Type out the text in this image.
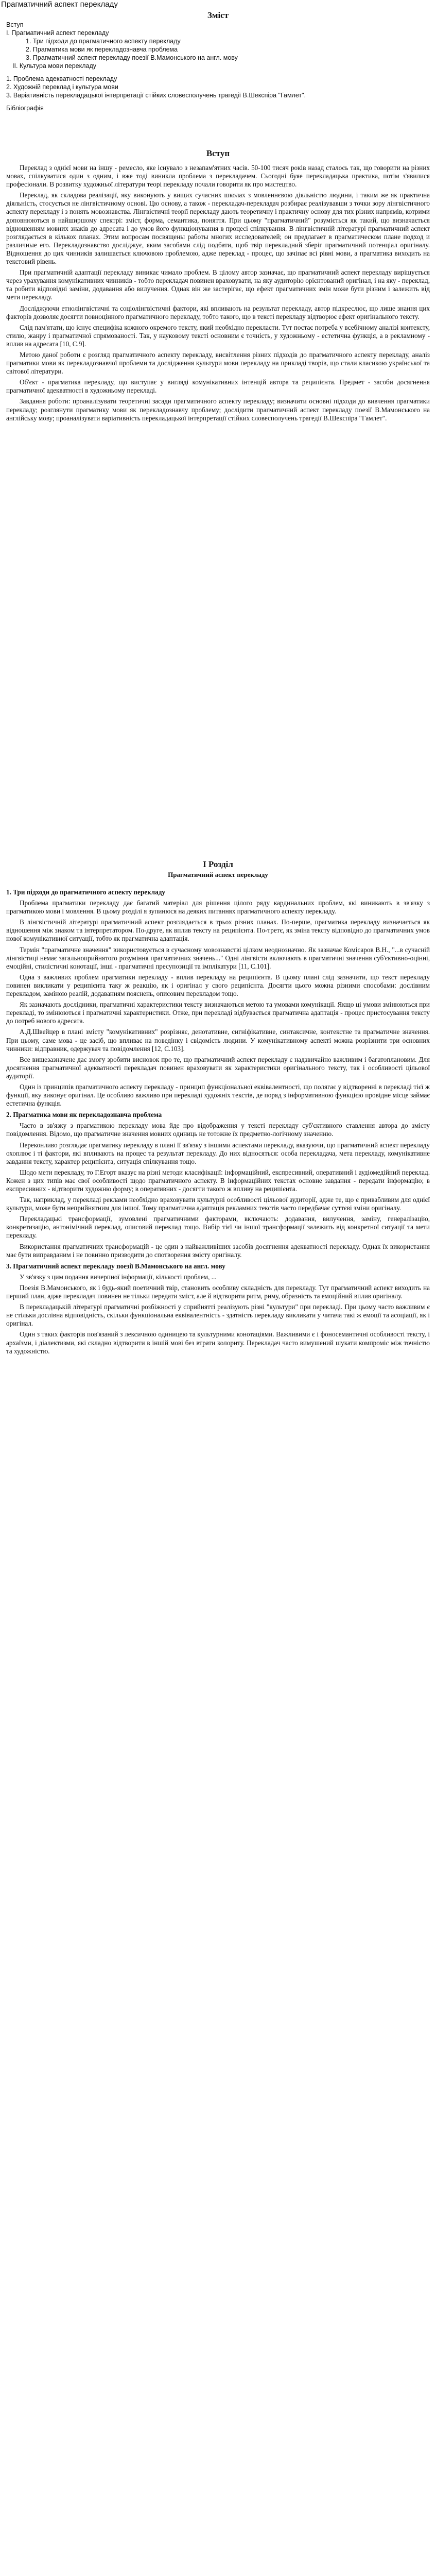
Прагматичний аспект перекладу
Зміст
Вступ
I. Прагматичний аспект перекладу
1. Три підходи до прагматичного аспекту перекладу
2. Прагматика мови як перекладознавча проблема
3. Прагматичний аспект перекладу поезії В.Мамонського на англ. мову
II. Культура мови перекладу
1. Проблема адекватності перекладу
2. Художній переклад і культура мови
3. Варіативність перекладацької інтерпретації стійких словесполучень трагедії В.Шекспіра "Гамлет".
Бібліографія
Вступ

Переклад з однієї мови на іншу - ремесло, яке існувало з незапам'ятних часів. 50-100 тисяч років назад сталось так, що говорити на різних мовах, спілкуватися один з одним, і вже тоді виникла проблема з перекладачем. Сьогодні буяе перекладацька практика, потім з'явилися професіонали. В розвитку художньої літератури теорі перекладу почали говорити як про мистецтво.

Переклад, як складова реалізації, яку виконують у вищих сучасних школах з мовленнєвою діяльністю людини, і таким же як практична діяльність, стосується не лінгвістичному основі. Цю основу, а також - перекладач-перекладач розбирає реалізувавши з точки зору лінгвістичного аспекту перекладу і з понять мовознавства. Лінгвістичні теорії перекладу дають теоретичну і практичну основу для тих різних напрямів, котрими доповнюються в найширшому спектрі: зміст, форма, семантика, поняття. При цьому "прагматичний" розуміється як такий, що визначається відношенням мовних знаків до адресата і до умов його функціонування в процесі спілкування. В лінгвістичній літературі прагматичний аспект розглядається в кількох планах. Этим вопросам посвящены работы многих исследователей; он предлагает в прагматическом плане подход и различные его. Перекладознавство досліджує, яким засобами слід подбати, щоб твір перекладний зберіг прагматичний потенціал оригіналу. Відношення до цих чинників залишається ключовою проблемою, адже переклад - процес, що зачіпає всі рівні мови, а прагматика виходить на текстовий рівень.

При прагматичній адаптації перекладу виникає чимало проблем. В цілому автор зазначає, що прагматичний аспект перекладу вирішується через урахування комунікативних чинників - тобто перекладач повинен враховувати, на яку аудиторію орієнтований оригінал, і на яку - переклад, та робити відповідні заміни, додавання або вилучення. Однак він же застерігає, що ефект прагматичних змін може бути різним і залежить від мети перекладу.

Досліджуючи етнолінгвістичні та соціолінгвістичні фактори, які впливають на результат перекладу, автор підкреслює, що лише знання цих факторів дозволяє досягти повноцінного прагматичного перекладу, тобто такого, що в тексті перекладу відтворює ефект оригінального тексту.

Слід пам'ятати, що існує специфіка кожного окремого тексту, який необхідно перекласти. Тут постає потреба у всебічному аналізі контексту, стилю, жанру і прагматичної спрямованості. Так, у науковому тексті основним є точність, у художньому - естетична функція, а в рекламному - вплив на адресата [10, С.9].

Метою даної роботи є розгляд прагматичного аспекту перекладу, висвітлення різних підходів до прагматичного аспекту перекладу, аналіз прагматики мови як перекладознавчої проблеми та дослідження культури мови перекладу на прикладі творів, що стали класикою української та світової літератури.

Об'єкт - прагматика перекладу, що виступає у вигляді комунікативних інтенцій автора та реципієнта. Предмет - засоби досягнення прагматичної адекватності в художньому перекладі.

Завдання роботи: проаналізувати теоретичні засади прагматичного аспекту перекладу; визначити основні підходи до вивчення прагматики перекладу; розглянути прагматику мови як перекладознавчу проблему; дослідити прагматичний аспект перекладу поезії В.Мамонського на англійську мову; проаналізувати варіативність перекладацької інтерпретації стійких словесполучень трагедії В.Шекспіра "Гамлет".

I Розділ
Прагматичний аспект перекладу

1. Три підходи до прагматичного аспекту перекладу

Проблема прагматики перекладу дає багатий матеріал для рішення цілого ряду кардинальних проблем, які виникають в зв'язку з прагматикою мови і мовлення. В цьому розділі я зупинюся на деяких питаннях прагматичного аспекту перекладу.

В лінгвістичній літературі прагматичний аспект розглядається в трьох різних планах. По-перше, прагматика перекладу визначається як відношення між знаком та інтерпретатором. По-друге, як вплив тексту на реципієнта. По-третє, як зміна тексту відповідно до прагматичних умов нової комунікативної ситуації, тобто як прагматична адаптація.

Термін "прагматичне значення" використовується в сучасному мовознавстві цілком неоднозначно. Як зазначає Комісаров В.Н., "...в сучасній лінгвістиці немає загальноприйнятого розуміння прагматичних значень..." Одні лінгвісти включають в прагматичні значення суб'єктивно-оцінні, емоційні, стилістичні конотації, інші - прагматичні пресупозиції та імплікатури [11, С.101].

Одна з важливих проблем прагматики перекладу - вплив перекладу на реципієнта. В цьому плані слід зазначити, що текст перекладу повинен викликати у реципієнта таку ж реакцію, як і оригінал у свого реципієнта. Досягти цього можна різними способами: дослівним перекладом, заміною реалій, додаванням пояснень, описовим перекладом тощо.

Як зазначають дослідники, прагматичні характеристики тексту визначаються метою та умовами комунікації. Якщо ці умови змінюються при перекладі, то змінюються і прагматичні характеристики. Отже, при перекладі відбувається прагматична адаптація - процес пристосування тексту до потреб нового адресата.

А.Д.Швейцер в плані змісту "комунікативних" розрізняє, денотативне, сигніфікативне, синтаксичне, контекстне та прагматичне значення. При цьому, саме мова - це засіб, що впливає на поведінку і свідомість людини. У комунікативному аспекті можна розрізнити три основних чинники: відправник, одержувач та повідомлення [12, С.103].

Все вищезазначене дає змогу зробити висновок про те, що прагматичний аспект перекладу є надзвичайно важливим і багатоплановим. Для досягнення прагматичної адекватності перекладач повинен враховувати як характеристики оригінального тексту, так і особливості цільової аудиторії.

Один із принципів прагматичного аспекту перекладу - принцип функціональної еквівалентності, що полягає у відтворенні в перекладі тієї ж функції, яку виконує оригінал. Це особливо важливо при перекладі художніх текстів, де поряд з інформативною функцією провідне місце займає естетична функція.

2. Прагматика мови як перекладознавча проблема

Часто в зв'язку з прагматикою перекладу мова йде про відображення у тексті перекладу суб'єктивного ставлення автора до змісту повідомлення. Відомо, що прагматичне значення мовних одиниць не тотожне їх предметно-логічному значенню.

Переконливо розглядає прагматику перекладу в плані її зв'язку з іншими аспектами перекладу, вказуючи, що прагматичний аспект перекладу охоплює і ті фактори, які впливають на процес та результат перекладу. До них відносяться: особа перекладача, мета перекладу, комунікативне завдання тексту, характер реципієнта, ситуація спілкування тощо.

Щодо мети перекладу, то Г.Егорт вказує на різні методи класифікації: інформаційний, експресивний, оперативний і аудіомедійний переклад. Кожен з цих типів має свої особливості щодо прагматичного аспекту. В інформаційних текстах основне завдання - передати інформацію; в експресивних - відтворити художню форму; в оперативних - досягти такого ж впливу на реципієнта.

Так, наприклад, у перекладі реклами необхідно враховувати культурні особливості цільової аудиторії, адже те, що є привабливим для однієї культури, може бути неприйнятним для іншої. Тому прагматична адаптація рекламних текстів часто передбачає суттєві зміни оригіналу.

Перекладацькі трансформації, зумовлені прагматичними факторами, включають: додавання, вилучення, заміну, генералізацію, конкретизацію, антонімічний переклад, описовий переклад тощо. Вибір тієї чи іншої трансформації залежить від конкретної ситуації та мети перекладу.

Використання прагматичних трансформацій - це один з найважливіших засобів досягнення адекватності перекладу. Однак їх використання має бути виправданим і не повинно призводити до спотворення змісту оригіналу.

3. Прагматичний аспект перекладу поезії В.Мамонського на англ. мову

У зв'язку з цим подання вичерпної інформації, кількості проблем, ...

Поезія В.Мамонського, як і будь-який поетичний твір, становить особливу складність для перекладу. Тут прагматичний аспект виходить на перший план, адже перекладач повинен не тільки передати зміст, але й відтворити ритм, риму, образність та емоційний вплив оригіналу.

В перекладацькій літературі прагматичні розбіжності у сприйнятті реалізують різні "культури" при перекладі. При цьому часто важливим є не стільки дослівна відповідність, скільки функціональна еквівалентність - здатність перекладу викликати у читача такі ж емоції та асоціації, як і оригінал.

Один з таких факторів пов'язаний з лексичною одиницею та культурними конотаціями. Важливими є і фоносемантичні особливості тексту, і архаїзми, і діалектизми, які складно відтворити в іншій мові без втрати колориту. Перекладач часто вимушений шукати компроміс між точністю та художністю.
